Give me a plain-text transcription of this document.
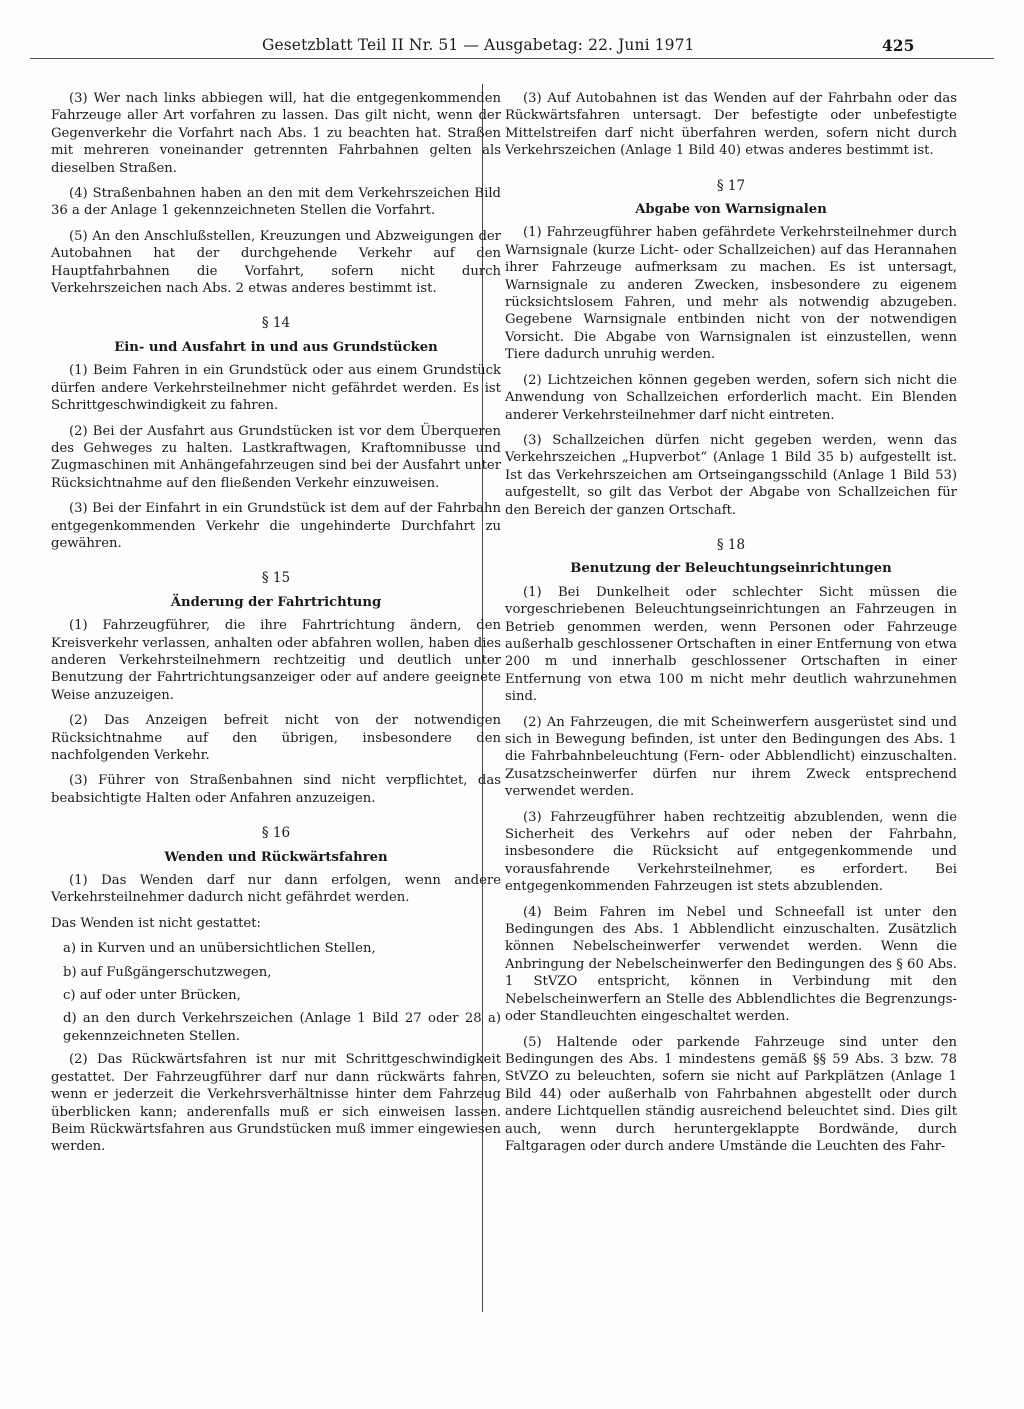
Gesetzblatt Teil II Nr. 51 — Ausgabetag: 22. Juni 1971	425

(3) Wer nach links abbiegen will, hat die entgegenkommenden Fahrzeuge aller Art vorfahren zu lassen. Das gilt nicht, wenn der Gegenverkehr die Vorfahrt nach Abs. 1 zu beachten hat. Straßen mit mehreren voneinander getrennten Fahrbahnen gelten als dieselben Straßen.

(4) Straßenbahnen haben an den mit dem Verkehrszeichen Bild 36 a der Anlage 1 gekennzeichneten Stellen die Vorfahrt.

(5) An den Anschlußstellen, Kreuzungen und Abzweigungen der Autobahnen hat der durchgehende Verkehr auf den Hauptfahrbahnen die Vorfahrt, sofern nicht durch Verkehrszeichen nach Abs. 2 etwas anderes bestimmt ist.

§ 14
Ein- und Ausfahrt in und aus Grundstücken

(1) Beim Fahren in ein Grundstück oder aus einem Grundstück dürfen andere Verkehrsteilnehmer nicht gefährdet werden. Es ist Schrittgeschwindigkeit zu fahren.

(2) Bei der Ausfahrt aus Grundstücken ist vor dem Überqueren des Gehweges zu halten. Lastkraftwagen, Kraftomnibusse und Zugmaschinen mit Anhängefahrzeugen sind bei der Ausfahrt unter Rücksichtnahme auf den fließenden Verkehr einzuweisen.

(3) Bei der Einfahrt in ein Grundstück ist dem auf der Fahrbahn entgegenkommenden Verkehr die ungehinderte Durchfahrt zu gewähren.

§ 15
Änderung der Fahrtrichtung

(1) Fahrzeugführer, die ihre Fahrtrichtung ändern, den Kreisverkehr verlassen, anhalten oder abfahren wollen, haben dies anderen Verkehrsteilnehmern rechtzeitig und deutlich unter Benutzung der Fahrtrichtungsanzeiger oder auf andere geeignete Weise anzuzeigen.

(2) Das Anzeigen befreit nicht von der notwendigen Rücksichtnahme auf den übrigen, insbesondere den nachfolgenden Verkehr.

(3) Führer von Straßenbahnen sind nicht verpflichtet, das beabsichtigte Halten oder Anfahren anzuzeigen.

§ 16
Wenden und Rückwärtsfahren

(1) Das Wenden darf nur dann erfolgen, wenn andere Verkehrsteilnehmer dadurch nicht gefährdet werden.

Das Wenden ist nicht gestattet:

a) in Kurven und an unübersichtlichen Stellen,

b) auf Fußgängerschutzwegen,

c) auf oder unter Brücken,

d) an den durch Verkehrszeichen (Anlage 1 Bild 27 oder 28 a) gekennzeichneten Stellen.

(2) Das Rückwärtsfahren ist nur mit Schrittgeschwindigkeit gestattet. Der Fahrzeugführer darf nur dann rückwärts fahren, wenn er jederzeit die Verkehrsverhältnisse hinter dem Fahrzeug überblicken kann; anderenfalls muß er sich einweisen lassen. Beim Rückwärtsfahren aus Grundstücken muß immer eingewiesen werden.

(3) Auf Autobahnen ist das Wenden auf der Fahrbahn oder das Rückwärtsfahren untersagt. Der befestigte oder unbefestigte Mittelstreifen darf nicht überfahren werden, sofern nicht durch Verkehrszeichen (Anlage 1 Bild 40) etwas anderes bestimmt ist.

§ 17
Abgabe von Warnsignalen

(1) Fahrzeugführer haben gefährdete Verkehrsteilnehmer durch Warnsignale (kurze Licht- oder Schallzeichen) auf das Herannahen ihrer Fahrzeuge aufmerksam zu machen. Es ist untersagt, Warnsignale zu anderen Zwecken, insbesondere zu eigenem rücksichtslosem Fahren, und mehr als notwendig abzugeben. Gegebene Warnsignale entbinden nicht von der notwendigen Vorsicht. Die Abgabe von Warnsignalen ist einzustellen, wenn Tiere dadurch unruhig werden.

(2) Lichtzeichen können gegeben werden, sofern sich nicht die Anwendung von Schallzeichen erforderlich macht. Ein Blenden anderer Verkehrsteilnehmer darf nicht eintreten.

(3) Schallzeichen dürfen nicht gegeben werden, wenn das Verkehrszeichen „Hupverbot“ (Anlage 1 Bild 35 b) aufgestellt ist. Ist das Verkehrszeichen am Ortseingangsschild (Anlage 1 Bild 53) aufgestellt, so gilt das Verbot der Abgabe von Schallzeichen für den Bereich der ganzen Ortschaft.

§ 18
Benutzung der Beleuchtungseinrichtungen

(1) Bei Dunkelheit oder schlechter Sicht müssen die vorgeschriebenen Beleuchtungseinrichtungen an Fahrzeugen in Betrieb genommen werden, wenn Personen oder Fahrzeuge außerhalb geschlossener Ortschaften in einer Entfernung von etwa 200 m und innerhalb geschlossener Ortschaften in einer Entfernung von etwa 100 m nicht mehr deutlich wahrzunehmen sind.

(2) An Fahrzeugen, die mit Scheinwerfern ausgerüstet sind und sich in Bewegung befinden, ist unter den Bedingungen des Abs. 1 die Fahrbahnbeleuchtung (Fern- oder Abblendlicht) einzuschalten. Zusatzscheinwerfer dürfen nur ihrem Zweck entsprechend verwendet werden.

(3) Fahrzeugführer haben rechtzeitig abzublenden, wenn die Sicherheit des Verkehrs auf oder neben der Fahrbahn, insbesondere die Rücksicht auf entgegenkommende und vorausfahrende Verkehrsteilnehmer, es erfordert. Bei entgegenkommenden Fahrzeugen ist stets abzublenden.

(4) Beim Fahren im Nebel und Schneefall ist unter den Bedingungen des Abs. 1 Abblendlicht einzuschalten. Zusätzlich können Nebelscheinwerfer verwendet werden. Wenn die Anbringung der Nebelscheinwerfer den Bedingungen des § 60 Abs. 1 StVZO entspricht, können in Verbindung mit den Nebelscheinwerfern an Stelle des Abblendlichtes die Begrenzungs- oder Standleuchten eingeschaltet werden.

(5) Haltende oder parkende Fahrzeuge sind unter den Bedingungen des Abs. 1 mindestens gemäß §§ 59 Abs. 3 bzw. 78 StVZO zu beleuchten, sofern sie nicht auf Parkplätzen (Anlage 1 Bild 44) oder außerhalb von Fahrbahnen abgestellt oder durch andere Lichtquellen ständig ausreichend beleuchtet sind. Dies gilt auch, wenn durch heruntergeklappte Bordwände, durch Faltgaragen oder durch andere Umstände die Leuchten des Fahr-
